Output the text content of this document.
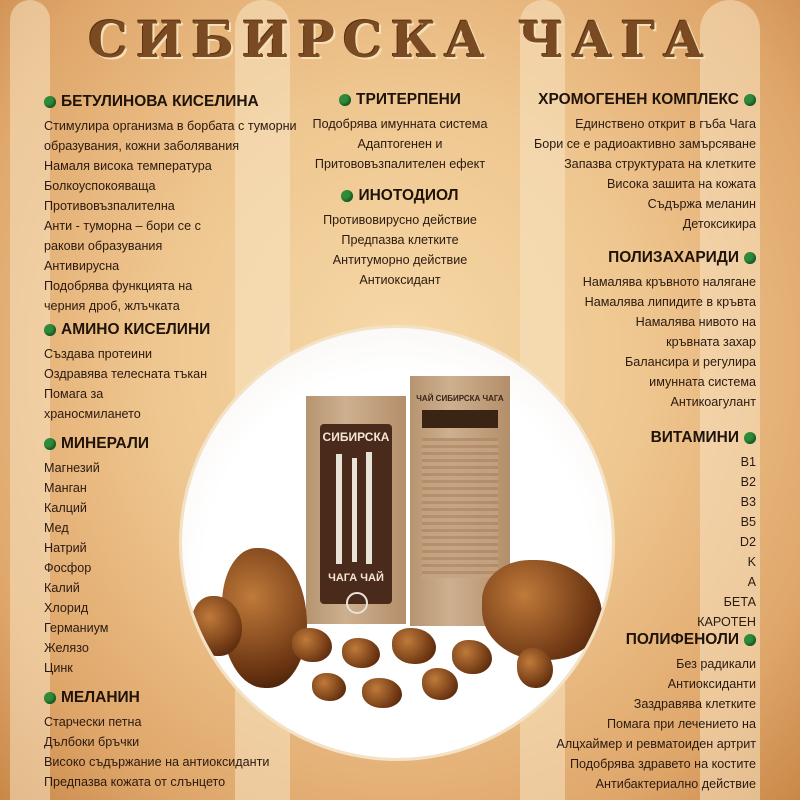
СИБИРСКА ЧАГА
БЕТУЛИНОВА КИСЕЛИНА
Стимулира организма в борбата с туморни образувания, кожни заболявания
Намаля висока температура
Болкоуспокояваща
Противовъзпалителна
Анти - туморна – бори се с ракови образувания
Антивирусна
Подобрява функцията на черния дроб, жлъчката
АМИНО КИСЕЛИНИ
Създава протеини
Оздравява телесната тъкан
Помага за храносмилането
МИНЕРАЛИ
Магнезий
Манган
Калций
Мед
Натрий
Фосфор
Калий
Хлорид
Германиум
Желязо
Цинк
МЕЛАНИН
Старчески петна
Дълбоки бръчки
Високо съдържание на антиоксиданти
Предпазва кожата от слънцето
ТРИТЕРПЕНИ
Подобрява имунната система
Адаптогенен и
Притововъзпалителен ефект
ИНОТОДИОЛ
Противовирусно действие
Предпазва клетките
Антитуморно действие
Антиоксидант
ХРОМОГЕНЕН КОМПЛЕКС
Единствено открит в гъба Чага
Бори се е радиоактивно замърсяване
Запазва структурата на клетките
Висока зашита на кожата
Съдържа меланин
Детоксикира
ПОЛИЗАХАРИДИ
Намалява кръвното налягане
Намалява липидите в кръвта
Намалява нивото на
кръвната захар
Балансира и регулира
имунната система
Антикоагулант
ВИТАМИНИ
B1
B2
B3
B5
D2
K
A
БЕТА
КАРОТЕН
ПОЛИФЕНОЛИ
Без радикали
Антиоксиданти
Заздравява клетките
Помага при лечението на
Алцхаймер и ревматоиден артрит
Подобрява здравето на костите
Антибактериално действие
СИБИРСКА
ЧАГА ЧАЙ
ЧАЙ СИБИРСКА ЧАГА
